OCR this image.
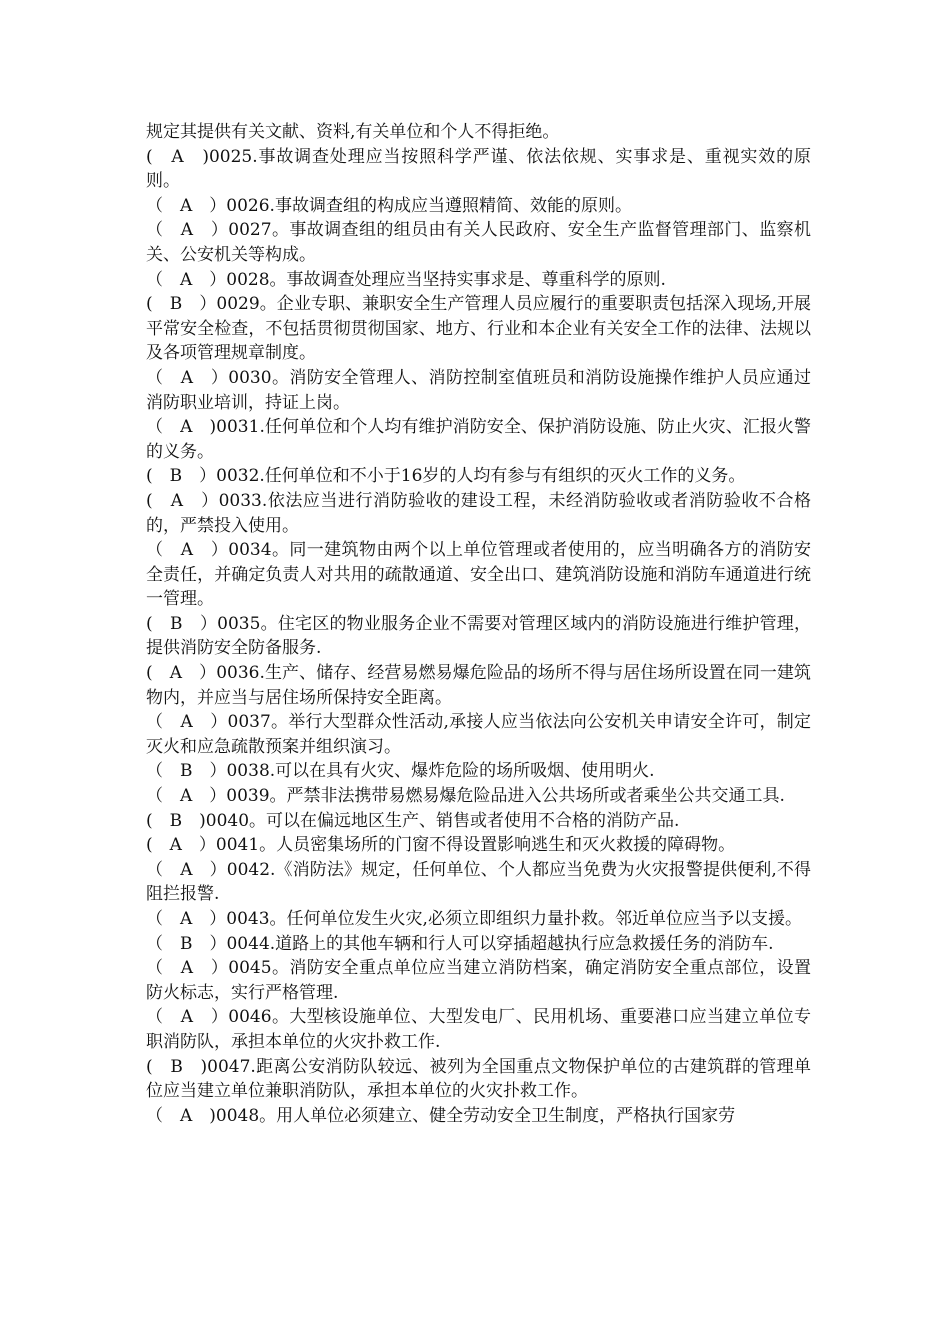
规定其提供有关文献、资料,有关单位和个人不得拒绝。

(　A　)0025.事故调查处理应当按照科学严谨、依法依规、实事求是、重视实效的原则。

（　A　）0026.事故调查组的构成应当遵照精简、效能的原则。

（　A　）0027。事故调查组的组员由有关人民政府、安全生产监督管理部门、监察机关、公安机关等构成。

（　A　）0028。事故调查处理应当坚持实事求是、尊重科学的原则.

(　B　）0029。企业专职、兼职安全生产管理人员应履行的重要职责包括深入现场,开展平常安全检查，不包括贯彻贯彻国家、地方、行业和本企业有关安全工作的法律、法规以及各项管理规章制度。

（　A　）0030。消防安全管理人、消防控制室值班员和消防设施操作维护人员应通过消防职业培训，持证上岗。

（　A　)0031.任何单位和个人均有维护消防安全、保护消防设施、防止火灾、汇报火警的义务。

(　B　）0032.任何单位和不小于16岁的人均有参与有组织的灭火工作的义务。

(　A　）0033.依法应当进行消防验收的建设工程，未经消防验收或者消防验收不合格的，严禁投入使用。

（　A　）0034。同一建筑物由两个以上单位管理或者使用的，应当明确各方的消防安全责任，并确定负责人对共用的疏散通道、安全出口、建筑消防设施和消防车通道进行统一管理。

(　B　）0035。住宅区的物业服务企业不需要对管理区域内的消防设施进行维护管理，提供消防安全防备服务.

(　A　）0036.生产、储存、经营易燃易爆危险品的场所不得与居住场所设置在同一建筑物内，并应当与居住场所保持安全距离。

（　A　）0037。举行大型群众性活动,承接人应当依法向公安机关申请安全许可，制定灭火和应急疏散预案并组织演习。

（　B　）0038.可以在具有火灾、爆炸危险的场所吸烟、使用明火.

（　A　）0039。严禁非法携带易燃易爆危险品进入公共场所或者乘坐公共交通工具.

(　B　)0040。可以在偏远地区生产、销售或者使用不合格的消防产品.

(　A　）0041。人员密集场所的门窗不得设置影响逃生和灭火救援的障碍物。

（　A　）0042.《消防法》规定，任何单位、个人都应当免费为火灾报警提供便利,不得阻拦报警.

（　A　）0043。任何单位发生火灾,必须立即组织力量扑救。邻近单位应当予以支援。

（　B　）0044.道路上的其他车辆和行人可以穿插超越执行应急救援任务的消防车.

（　A　）0045。消防安全重点单位应当建立消防档案，确定消防安全重点部位，设置防火标志，实行严格管理.

（　A　）0046。大型核设施单位、大型发电厂、民用机场、重要港口应当建立单位专职消防队，承担本单位的火灾扑救工作.

(　B　)0047.距离公安消防队较远、被列为全国重点文物保护单位的古建筑群的管理单位应当建立单位兼职消防队，承担本单位的火灾扑救工作。

（　A　)0048。用人单位必须建立、健全劳动安全卫生制度，严格执行国家劳
